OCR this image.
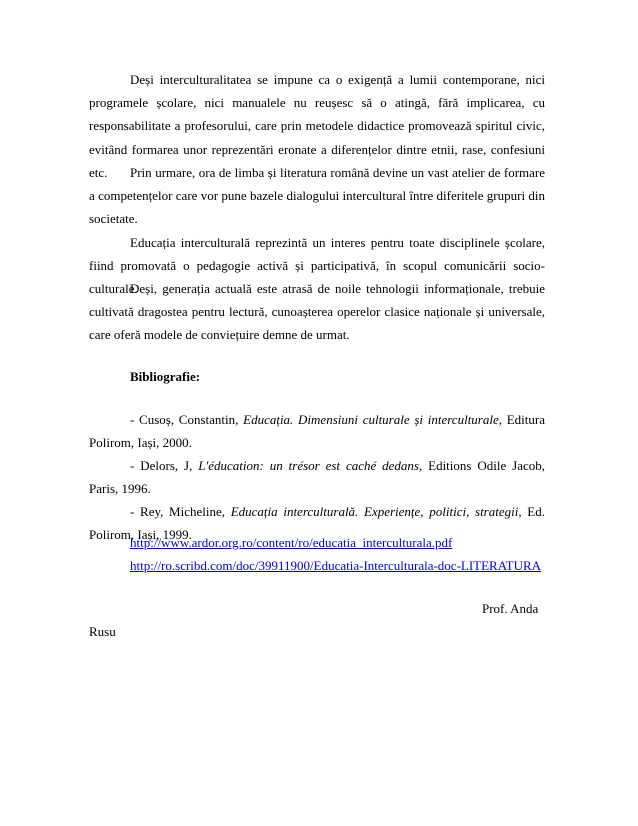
Deși interculturalitatea se impune ca o exigență a lumii contemporane, nici programele școlare, nici manualele nu reușesc să o atingă, fără implicarea, cu responsabilitate a profesorului, care prin metodele didactice promovează spiritul civic, evitând formarea unor reprezentări eronate a diferențelor dintre etnii, rase, confesiuni etc.	Prin urmare, ora de limba și literatura română devine un vast atelier de formare a competențelor care vor pune bazele dialogului intercultural între diferitele grupuri din societate.
Educația interculturală reprezintă un interes pentru toate disciplinele școlare, fiind promovată o pedagogie activă și participativă, în scopul comunicării socio-culturale.
Deși, generația actuală este atrasă de noile tehnologii informaționale, trebuie cultivată dragostea pentru lectură, cunoașterea operelor clasice naționale și universale, care oferă modele de conviețuire demne de urmat.
Bibliografie:
- Cusoș, Constantin, Educația. Dimensiuni culturale și interculturale, Editura Polirom, Iași, 2000.
- Delors, J, L'éducation: un trésor est caché dedans, Editions Odile Jacob, Paris, 1996.
- Rey, Micheline, Educația interculturală. Experiențe, politici, strategii, Ed. Polirom, Iași, 1999.
http://www.ardor.org.ro/content/ro/educatia_interculturala.pdf
http://ro.scribd.com/doc/39911900/Educatia-Interculturala-doc-LITERATURA
Prof. Anda
Rusu
